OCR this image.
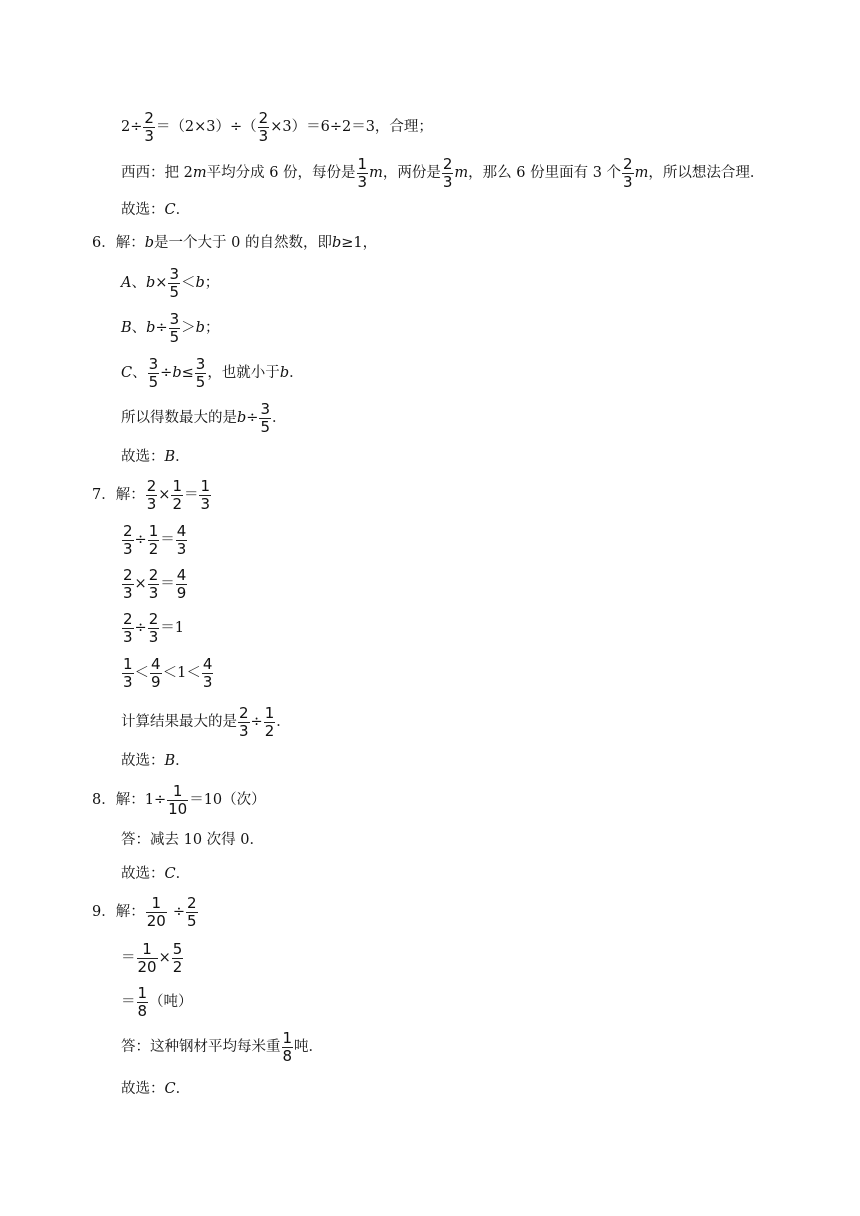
$2\div \frac{2}{3} =(2\times 3)\div( \frac{2}{3} \times 3)=6\div 2=3$，合理；
西西：把 2 m 平均分成 6 份，每份是 $\frac{1}{3}$ m ，两份是 $\frac{2}{3}$ m ，那么 6 份里面有 3 个 $\frac{2}{3}$ m ，所以想法合理．
故选： C ．
6． 解： b 是一个大于 0 的自然数，即 b ≥1，
A 、 $b \times \frac{3}{5} < b$ ；
B 、 $b \div \frac{3}{5} > b$ ；
C 、 $\frac{3}{5} \div b \le \frac{3}{5}$ ，也就小于 b ．
所以得数最大的是 $b \div \frac{3}{5}$ ．
故选： B ．
7． 解： $\frac{2}{3} \times \frac{1}{2} = \frac{1}{3}$
$\frac{2}{3} \div \frac{1}{2} = \frac{4}{3}$
$\frac{2}{3} \times \frac{2}{3} = \frac{4}{9}$
$\frac{2}{3} \div \frac{2}{3} =1$
$\frac{1}{3} < \frac{4}{9} <1< \frac{4}{3}$
计算结果最大的是 $\frac{2}{3} \div \frac{1}{2}$ ．
故选： B ．
8． 解：$1\div \frac{1}{10} =10$（次）
答：减去 10 次得 0．
故选： C ．
9． 解： $\frac{1}{20} \div \frac{2}{5}$
＝ $\frac{1}{20} \times \frac{5}{2}$
＝ $\frac{1}{8}$ （吨）
答：这种钢材平均每米重 $\frac{1}{8}$ 吨．
故选： C ．
